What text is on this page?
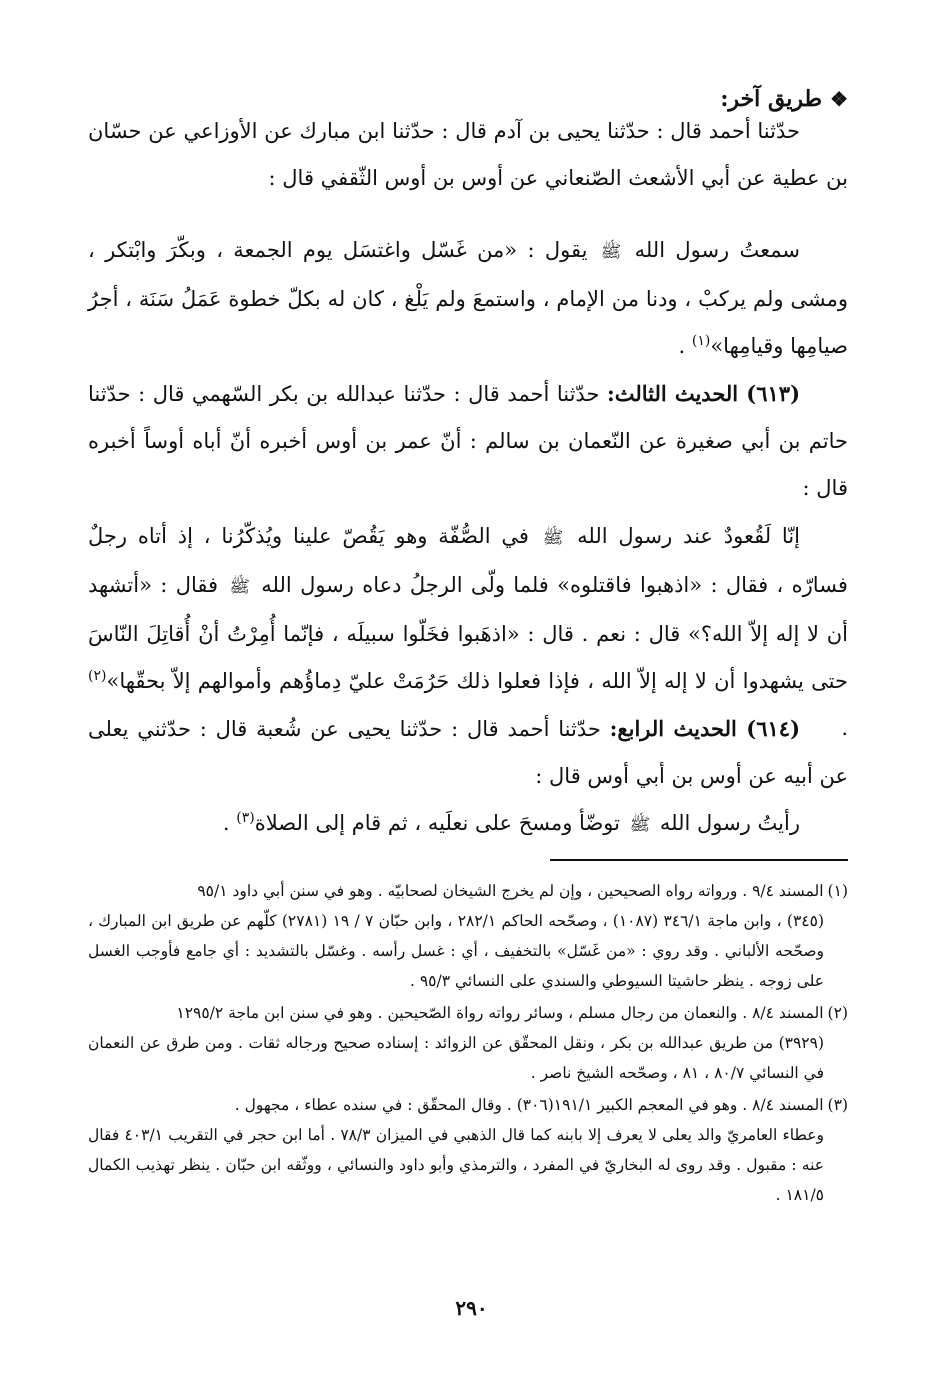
❖طريق آخر:

حدّثنا أحمد قال : حدّثنا يحيى بن آدم قال : حدّثنا ابن مبارك عن الأوزاعي عن حسّان بن عطية عن أبي الأشعث الصّنعاني عن أوس بن أوس الثّقفي قال :

سمعتُ رسول الله ﷺ يقول : «من غَسّل واغتسَل يوم الجمعة ، وبكّرَ وابْتكر ، ومشى ولم يركبْ ، ودنا من الإمام ، واستمعَ ولم يَلْغ ، كان له بكلّ خطوة عَمَلُ سَنَة ، أجرُ صيامِها وقيامِها»$^{(١)}$ .

(٦١٣) الحديث الثالث: حدّثنا أحمد قال : حدّثنا عبدالله بن بكر السّهمي قال : حدّثنا حاتم بن أبي صغيرة عن النّعمان بن سالم : أنّ عمر بن أوس أخبره أنّ أباه أوساً أخبره قال :

إنّا لَقُعودٌ عند رسول الله ﷺ في الصُّفّة وهو يَقُصّ علينا ويُذكّرُنا ، إذ أتاه رجلٌ فسارّه ، فقال : «اذهبوا فاقتلوه» فلما ولّى الرجلُ دعاه رسول الله ﷺ فقال : «أتشهد أن لا إله إلاّ الله؟» قال : نعم . قال : «اذهَبوا فخَلّوا سبيلَه ، فإنّما أُمِرْتُ أنْ أُقاتِلَ النّاسَ حتى يشهدوا أن لا إله إلاّ الله ، فإذا فعلوا ذلك حَرُمَتْ عليّ دِماؤُهم وأموالهم إلاّ بحقّها»$^{(٢)}$ .

(٦١٤) الحديث الرابع: حدّثنا أحمد قال : حدّثنا يحيى عن شُعبة قال : حدّثني يعلى عن أبيه عن أوس بن أبي أوس قال :

رأيتُ رسول الله ﷺ توضّأ ومسحَ على نعلَيه ، ثم قام إلى الصلاة$^{(٣)}$ .

(١)المسند ٩/٤ . ورواته رواه الصحيحين ، وإن لم يخرج الشيخان لصحابيّه . وهو في سنن أبي داود ٩٥/١
(٣٤٥) ، وابن ماجة ٣٤٦/١ (١٠٨٧) ، وصحّحه الحاكم ٢٨٢/١ ، وابن حبّان ٧ / ١٩ (٢٧٨١) كلّهم عن طريق ابن المبارك ، وصحّحه الألباني . وقد روي : «من غَسّل» بالتخفيف ، أي : غسل رأسه . وغسّل بالتشديد : أي جامع فأوجب الغسل على زوجه . ينظر حاشيتا السيوطي والسندي على النسائي ٩٥/٣ .

(٢)المسند ٨/٤ . والنعمان من رجال مسلم ، وسائر رواته رواة الصّحيحين . وهو في سنن ابن ماجة ١٢٩٥/٢
(٣٩٢٩) من طريق عبدالله بن بكر ، ونقل المحقّق عن الزوائد : إسناده صحيح ورجاله ثقات . ومن طرق عن النعمان في النسائي ٨٠/٧ ، ٨١ ، وصحّحه الشيخ ناصر .

(٣)المسند ٨/٤ . وهو في المعجم الكبير ١٩١/١(٣٠٦) . وقال المحقّق : في سنده عطاء ، مجهول .
وعطاء العامريّ والد يعلى لا يعرف إلا بابنه كما قال الذهبي في الميزان ٧٨/٣ . أما ابن حجر في التقريب ٤٠٣/١ فقال عنه : مقبول . وقد روى له البخاريّ في المفرد ، والترمذي وأبو داود والنسائي ، ووثّقه ابن حبّان . ينظر تهذيب الكمال ١٨١/٥ .

٢٩٠
